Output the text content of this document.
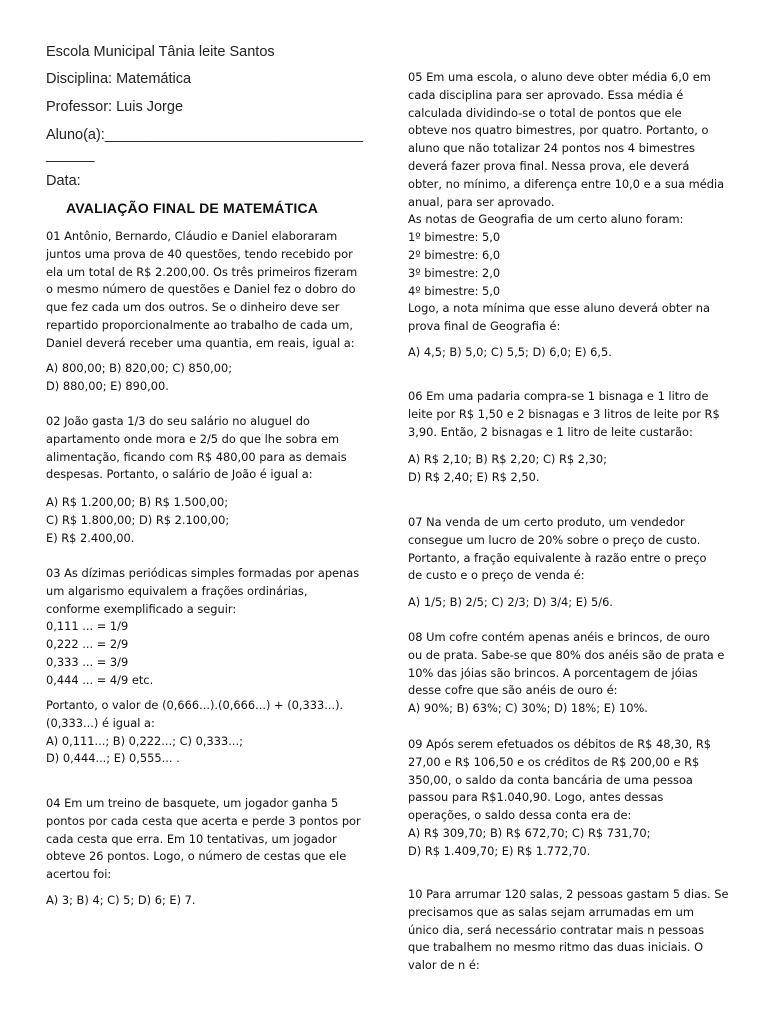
Escola Municipal Tânia leite Santos
Disciplina: Matemática
Professor: Luis Jorge
Aluno(a):________________________________
______
Data:
AVALIAÇÃO FINAL DE MATEMÁTICA
01 Antônio, Bernardo, Cláudio e Daniel elaboraram
juntos uma prova de 40 questões, tendo recebido por
ela um total de R$ 2.200,00. Os três primeiros fizeram
o mesmo número de questões e Daniel fez o dobro do
que fez cada um dos outros. Se o dinheiro deve ser
repartido proporcionalmente ao trabalho de cada um,
Daniel deverá receber uma quantia, em reais, igual a:
A) 800,00; B) 820,00; C) 850,00;
D) 880,00; E) 890,00.
02 João gasta 1/3 do seu salário no aluguel do
apartamento onde mora e 2/5 do que lhe sobra em
alimentação, ficando com R$ 480,00 para as demais
despesas. Portanto, o salário de João é igual a:
A) R$ 1.200,00; B) R$ 1.500,00;
C) R$ 1.800,00; D) R$ 2.100,00;
E) R$ 2.400,00.
03 As dízimas periódicas simples formadas por apenas
um algarismo equivalem a frações ordinárias,
conforme exemplificado a seguir:
0,111 ... = 1/9
0,222 ... = 2/9
0,333 ... = 3/9
0,444 ... = 4/9 etc.
Portanto, o valor de (0,666...).(0,666...) + (0,333...).
(0,333...) é igual a:
A) 0,111...; B) 0,222...; C) 0,333...;
D) 0,444...; E) 0,555... .
04 Em um treino de basquete, um jogador ganha 5
pontos por cada cesta que acerta e perde 3 pontos por
cada cesta que erra. Em 10 tentativas, um jogador
obteve 26 pontos. Logo, o número de cestas que ele
acertou foi:
A) 3; B) 4; C) 5; D) 6; E) 7.
05 Em uma escola, o aluno deve obter média 6,0 em
cada disciplina para ser aprovado. Essa média é
calculada dividindo-se o total de pontos que ele
obteve nos quatro bimestres, por quatro. Portanto, o
aluno que não totalizar 24 pontos nos 4 bimestres
deverá fazer prova final. Nessa prova, ele deverá
obter, no mínimo, a diferença entre 10,0 e a sua média
anual, para ser aprovado.
As notas de Geografia de um certo aluno foram:
1º bimestre: 5,0
2º bimestre: 6,0
3º bimestre: 2,0
4º bimestre: 5,0
Logo, a nota mínima que esse aluno deverá obter na
prova final de Geografia é:
A) 4,5; B) 5,0; C) 5,5; D) 6,0; E) 6,5.
06 Em uma padaria compra-se 1 bisnaga e 1 litro de
leite por R$ 1,50 e 2 bisnagas e 3 litros de leite por R$
3,90. Então, 2 bisnagas e 1 litro de leite custarão:
A) R$ 2,10; B) R$ 2,20; C) R$ 2,30;
D) R$ 2,40; E) R$ 2,50.
07 Na venda de um certo produto, um vendedor
consegue um lucro de 20% sobre o preço de custo.
Portanto, a fração equivalente à razão entre o preço
de custo e o preço de venda é:
A) 1/5; B) 2/5; C) 2/3; D) 3/4; E) 5/6.
08 Um cofre contém apenas anéis e brincos, de ouro
ou de prata. Sabe-se que 80% dos anéis são de prata e
10% das jóias são brincos. A porcentagem de jóias
desse cofre que são anéis de ouro é:
A) 90%; B) 63%; C) 30%; D) 18%; E) 10%.
09 Após serem efetuados os débitos de R$ 48,30, R$
27,00 e R$ 106,50 e os créditos de R$ 200,00 e R$
350,00, o saldo da conta bancária de uma pessoa
passou para R$1.040,90. Logo, antes dessas
operações, o saldo dessa conta era de:
A) R$ 309,70; B) R$ 672,70; C) R$ 731,70;
D) R$ 1.409,70; E) R$ 1.772,70.
10 Para arrumar 120 salas, 2 pessoas gastam 5 dias. Se
precisamos que as salas sejam arrumadas em um
único dia, será necessário contratar mais n pessoas
que trabalhem no mesmo ritmo das duas iniciais. O
valor de n é:
